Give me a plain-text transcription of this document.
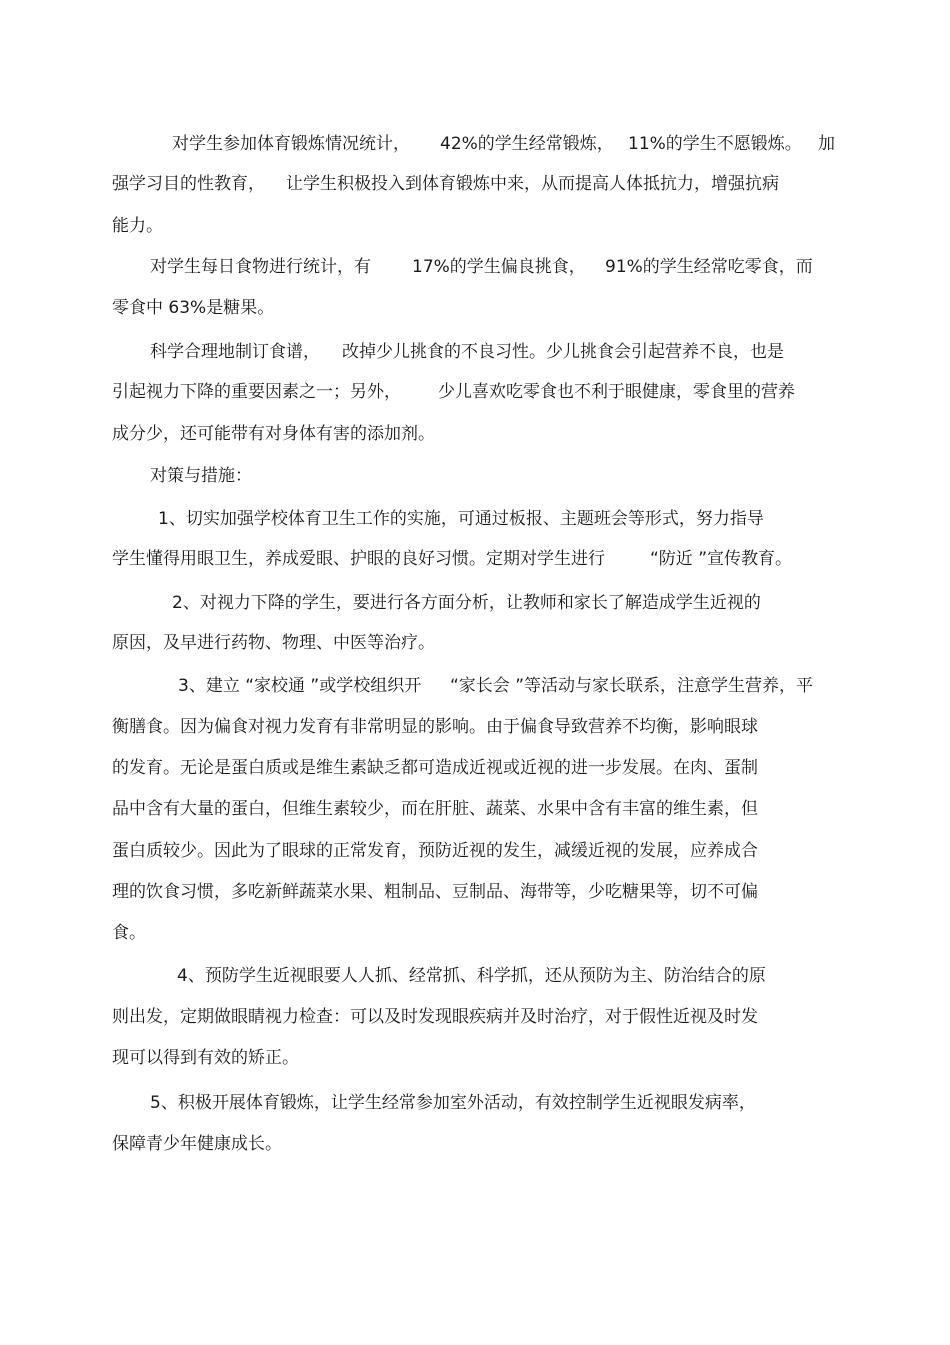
对学生参加体育锻炼情况统计， 42%的学生经常锻炼， 11%的学生不愿锻炼。 加
强学习目的性教育， 让学生积极投入到体育锻炼中来，从而提高人体抵抗力，增强抗病
能力。
对学生每日食物进行统计，有 17%的学生偏良挑食， 91%的学生经常吃零食，而
零食中 63%是糖果。
科学合理地制订食谱， 改掉少儿挑食的不良习性。少儿挑食会引起营养不良，也是
引起视力下降的重要因素之一；另外， 少儿喜欢吃零食也不利于眼健康，零食里的营养
成分少，还可能带有对身体有害的添加剂。
对策与措施：
1、切实加强学校体育卫生工作的实施，可通过板报、主题班会等形式，努力指导
学生懂得用眼卫生，养成爱眼、护眼的良好习惯。定期对学生进行	“防近 ”宣传教育。
2、对视力下降的学生，要进行各方面分析，让教师和家长了解造成学生近视的
原因，及早进行药物、物理、中医等治疗。
3、建立 “家校通 ”或学校组织开 “家长会 ”等活动与家长联系，注意学生营养，平
衡膳食。因为偏食对视力发育有非常明显的影响。由于偏食导致营养不均衡，影响眼球
的发育。无论是蛋白质或是维生素缺乏都可造成近视或近视的进一步发展。在肉、蛋制
品中含有大量的蛋白，但维生素较少，而在肝脏、蔬菜、水果中含有丰富的维生素，但
蛋白质较少。因此为了眼球的正常发育，预防近视的发生，减缓近视的发展，应养成合
理的饮食习惯，多吃新鲜蔬菜水果、粗制品、豆制品、海带等，少吃糖果等，切不可偏
食。
4、预防学生近视眼要人人抓、经常抓、科学抓，还从预防为主、防治结合的原
则出发，定期做眼睛视力检查：可以及时发现眼疾病并及时治疗，对于假性近视及时发
现可以得到有效的矫正。
5、积极开展体育锻炼，让学生经常参加室外活动，有效控制学生近视眼发病率，
保障青少年健康成长。
